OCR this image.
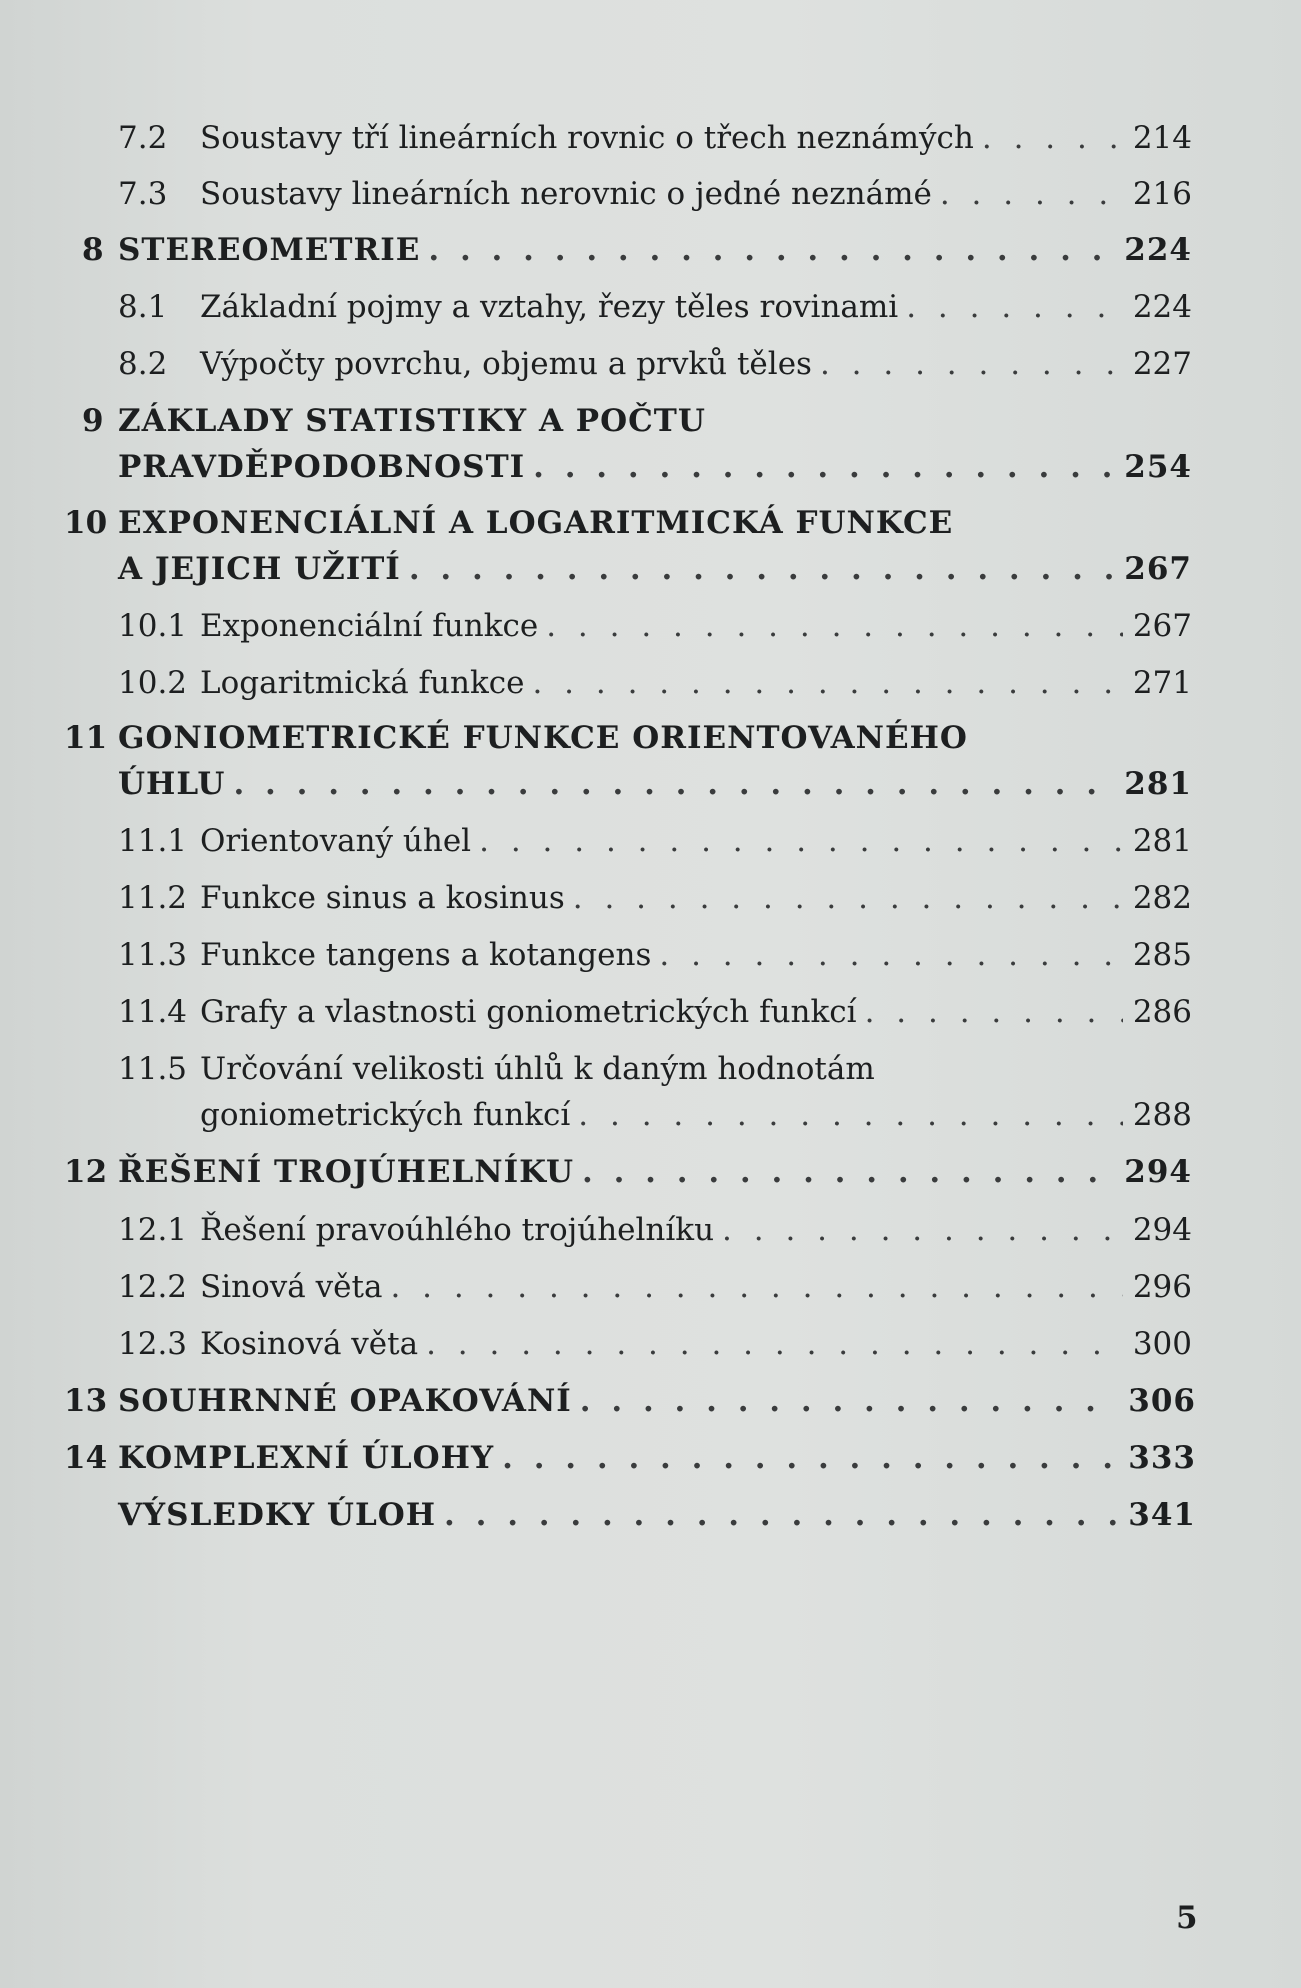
7.2 Soustavy tří lineárních rovnic o třech neznámých . . .	214
7.3 Soustavy lineárních nerovnic o jedné neznámé . . .	216
8 STEREOMETRIE . . .	224
8.1 Základní pojmy a vztahy, řezy těles rovinami . . .	224
8.2 Výpočty povrchu, objemu a prvků těles . . .	227
9 ZÁKLADY STATISTIKY A POČTU
PRAVDĚPODOBNOSTI . . .	254
10 EXPONENCIÁLNÍ A LOGARITMICKÁ FUNKCE
A JEJICH UŽITÍ . . .	267
10.1 Exponenciální funkce . . .	267
10.2 Logaritmická funkce . . .	271
11 GONIOMETRICKÉ FUNKCE ORIENTOVANÉHO
ÚHLU . . .	281
11.1 Orientovaný úhel . . .	281
11.2 Funkce sinus a kosinus . . .	282
11.3 Funkce tangens a kotangens . . .	285
11.4 Grafy a vlastnosti goniometrických funkcí . . .	286
11.5 Určování velikosti úhlů k daným hodnotám
goniometrických funkcí . . .	288
12 ŘEŠENÍ TROJÚHELNÍKU . . .	294
12.1 Řešení pravoúhlého trojúhelníku . . .	294
12.2 Sinová věta . . .	296
12.3 Kosinová věta . . .	300
13 SOUHRNNÉ OPAKOVÁNÍ . . .	306
14 KOMPLEXNÍ ÚLOHY . . .	333
VÝSLEDKY ÚLOH . . .	341
5
